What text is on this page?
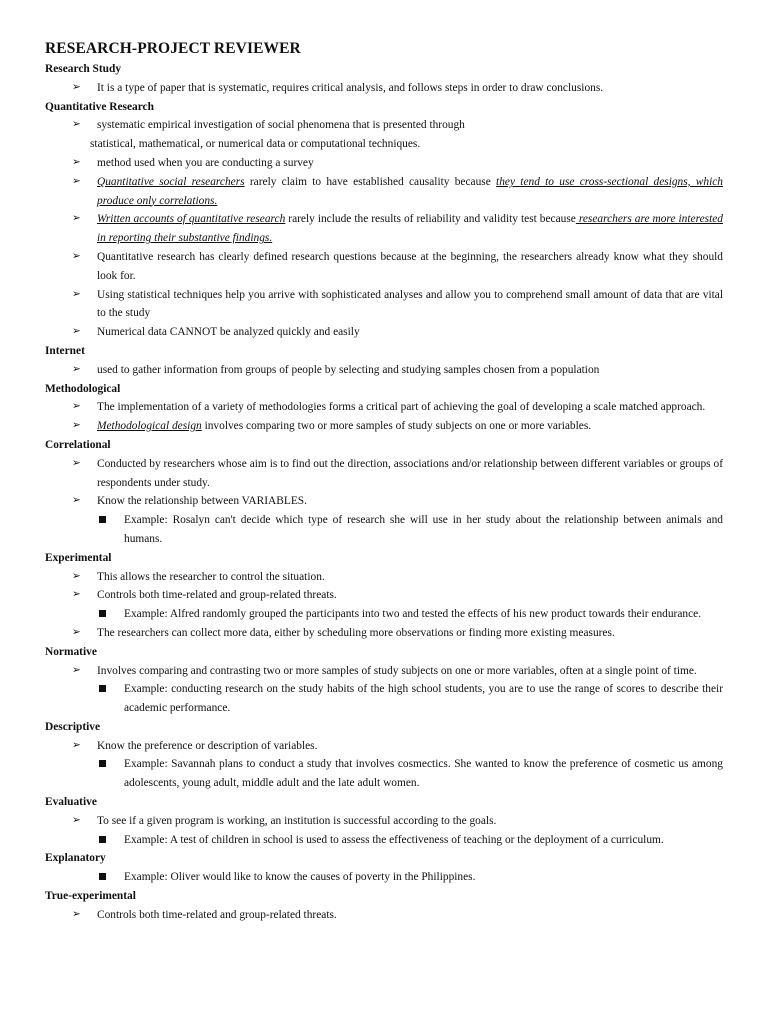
RESEARCH-PROJECT REVIEWER
Research Study
➢ It is a type of paper that is systematic, requires critical analysis, and follows steps in order to draw conclusions.
Quantitative Research
➢ systematic empirical investigation of social phenomena that is presented through
statistical, mathematical, or numerical data or computational techniques.
➢ method used when you are conducting a survey
➢ Quantitative social researchers rarely claim to have established causality because they tend to use cross-sectional designs, which produce only correlations.
➢ Written accounts of quantitative research rarely include the results of reliability and validity test because researchers are more interested in reporting their substantive findings.
➢ Quantitative research has clearly defined research questions because at the beginning, the researchers already know what they should look for.
➢ Using statistical techniques help you arrive with sophisticated analyses and allow you to comprehend small amount of data that are vital to the study
➢ Numerical data CANNOT be analyzed quickly and easily
Internet
➢ used to gather information from groups of people by selecting and studying samples chosen from a population
Methodological
➢ The implementation of a variety of methodologies forms a critical part of achieving the goal of developing a scale matched approach.
➢ Methodological design involves comparing two or more samples of study subjects on one or more variables.
Correlational
➢ Conducted by researchers whose aim is to find out the direction, associations and/or relationship between different variables or groups of respondents under study.
➢ Know the relationship between VARIABLES.
Example: Rosalyn can't decide which type of research she will use in her study about the relationship between animals and humans.
Experimental
➢ This allows the researcher to control the situation.
➢ Controls both time-related and group-related threats.
Example: Alfred randomly grouped the participants into two and tested the effects of his new product towards their endurance.
➢ The researchers can collect more data, either by scheduling more observations or finding more existing measures.
Normative
➢ Involves comparing and contrasting two or more samples of study subjects on one or more variables, often at a single point of time.
Example: conducting research on the study habits of the high school students, you are to use the range of scores to describe their academic performance.
Descriptive
➢ Know the preference or description of variables.
Example: Savannah plans to conduct a study that involves cosmectics. She wanted to know the preference of cosmetic us among adolescents, young adult, middle adult and the late adult women.
Evaluative
➢ To see if a given program is working, an institution is successful according to the goals.
Example: A test of children in school is used to assess the effectiveness of teaching or the deployment of a curriculum.
Explanatory
Example: Oliver would like to know the causes of poverty in the Philippines.
True-experimental
➢ Controls both time-related and group-related threats.
